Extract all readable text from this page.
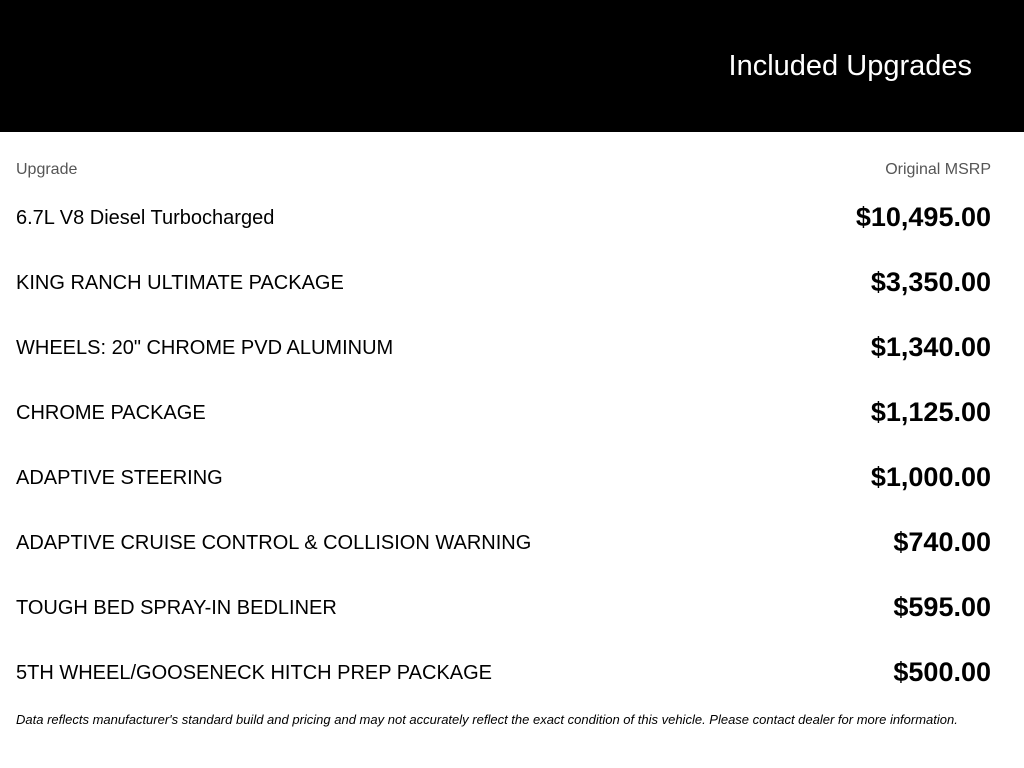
Included Upgrades
Upgrade	Original MSRP
6.7L V8 Diesel Turbocharged	$10,495.00
KING RANCH ULTIMATE PACKAGE	$3,350.00
WHEELS: 20" CHROME PVD ALUMINUM	$1,340.00
CHROME PACKAGE	$1,125.00
ADAPTIVE STEERING	$1,000.00
ADAPTIVE CRUISE CONTROL & COLLISION WARNING	$740.00
TOUGH BED SPRAY-IN BEDLINER	$595.00
5TH WHEEL/GOOSENECK HITCH PREP PACKAGE	$500.00
Data reflects manufacturer's standard build and pricing and may not accurately reflect the exact condition of this vehicle. Please contact dealer for more information.
